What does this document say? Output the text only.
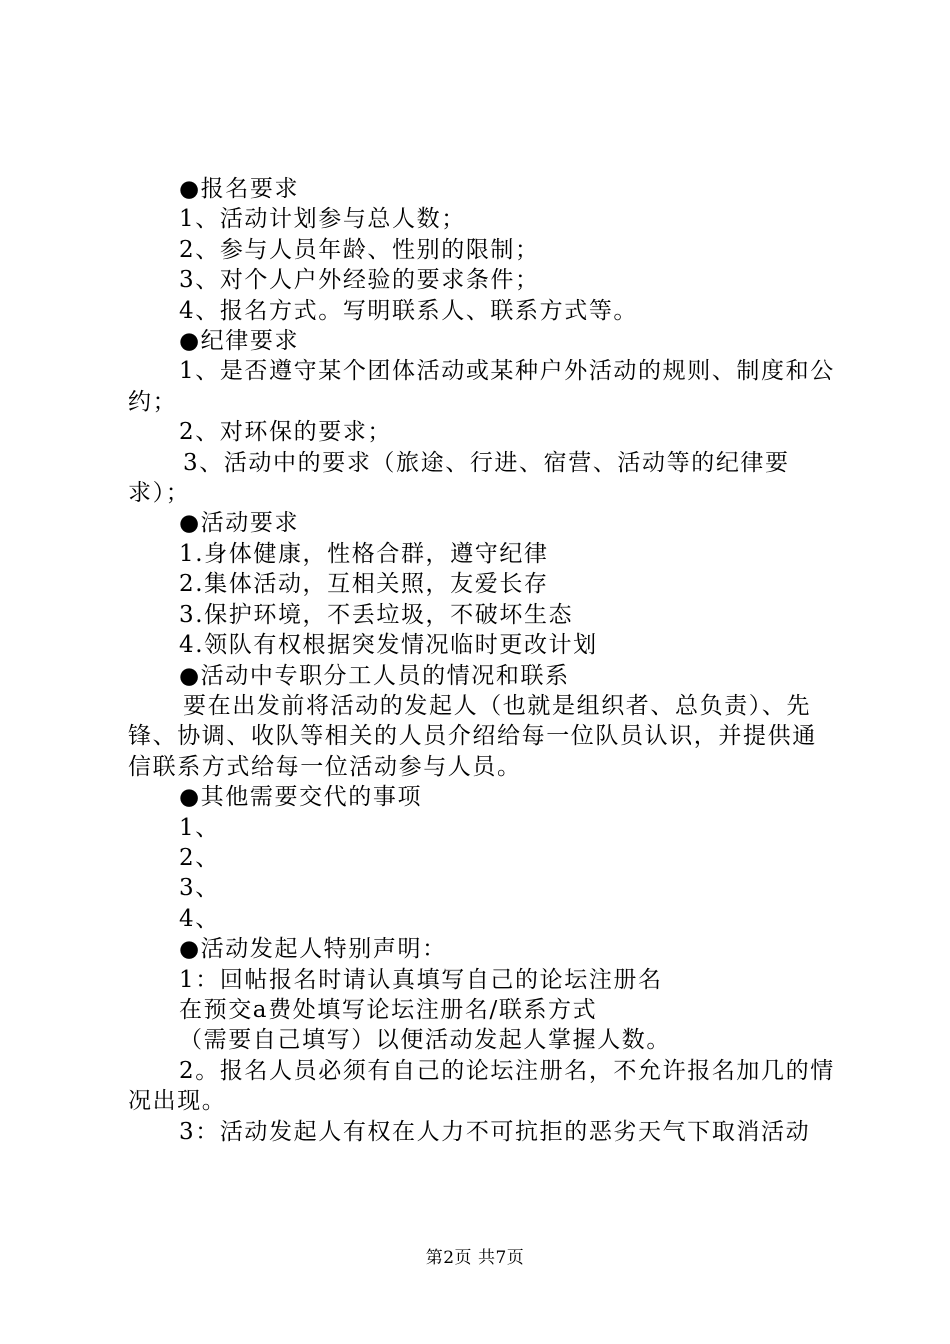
●报名要求

1、活动计划参与总人数；

2、参与人员年龄、性别的限制；

3、对个人户外经验的要求条件；

4、报名方式。写明联系人、联系方式等。

●纪律要求

1、是否遵守某个团体活动或某种户外活动的规则、制度和公约；

2、对环保的要求；

3、活动中的要求（旅途、行进、宿营、活动等的纪律要求）；

●活动要求

1.身体健康，性格合群，遵守纪律

2.集体活动，互相关照，友爱长存

3.保护环境，不丢垃圾，不破坏生态

4.领队有权根据突发情况临时更改计划

●活动中专职分工人员的情况和联系

要在出发前将活动的发起人（也就是组织者、总负责）、先锋、协调、收队等相关的人员介绍给每一位队员认识，并提供通信联系方式给每一位活动参与人员。

●其他需要交代的事项

1、

2、

3、

4、

●活动发起人特别声明：

1：回帖报名时请认真填写自己的论坛注册名

在预交a费处填写论坛注册名/联系方式

（需要自己填写）以便活动发起人掌握人数。

2。报名人员必须有自己的论坛注册名，不允许报名加几的情况出现。

3：活动发起人有权在人力不可抗拒的恶劣天气下取消活动

第2页 共7页
